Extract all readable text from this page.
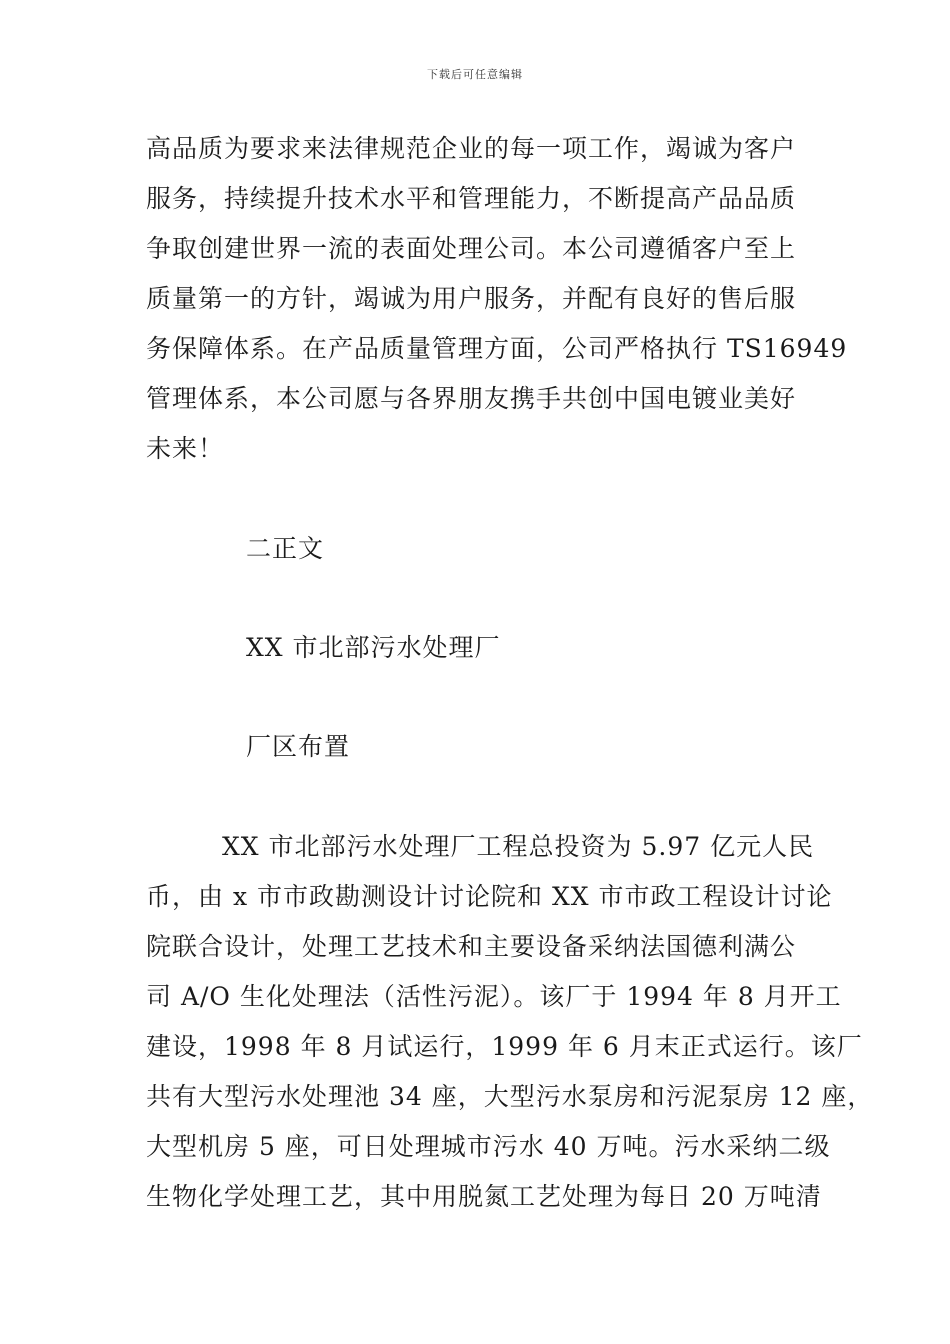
下载后可任意编辑
高品质为要求来法律规范企业的每一项工作，竭诚为客户
服务，持续提升技术水平和管理能力，不断提高产品品质
争取创建世界一流的表面处理公司。本公司遵循客户至上
质量第一的方针，竭诚为用户服务，并配有良好的售后服
务保障体系。在产品质量管理方面，公司严格执行 TS16949
管理体系，本公司愿与各界朋友携手共创中国电镀业美好
未来！
二正文
XX 市北部污水处理厂
厂区布置
XX 市北部污水处理厂工程总投资为 5.97 亿元人民
币，由 x 市市政勘测设计讨论院和 XX 市市政工程设计讨论
院联合设计，处理工艺技术和主要设备采纳法国德利满公
司 A/O 生化处理法（活性污泥）。该厂于 1994 年 8 月开工
建设，1998 年 8 月试运行，1999 年 6 月末正式运行。该厂
共有大型污水处理池 34 座，大型污水泵房和污泥泵房 12 座，
大型机房 5 座，可日处理城市污水 40 万吨。污水采纳二级
生物化学处理工艺，其中用脱氮工艺处理为每日 20 万吨清
